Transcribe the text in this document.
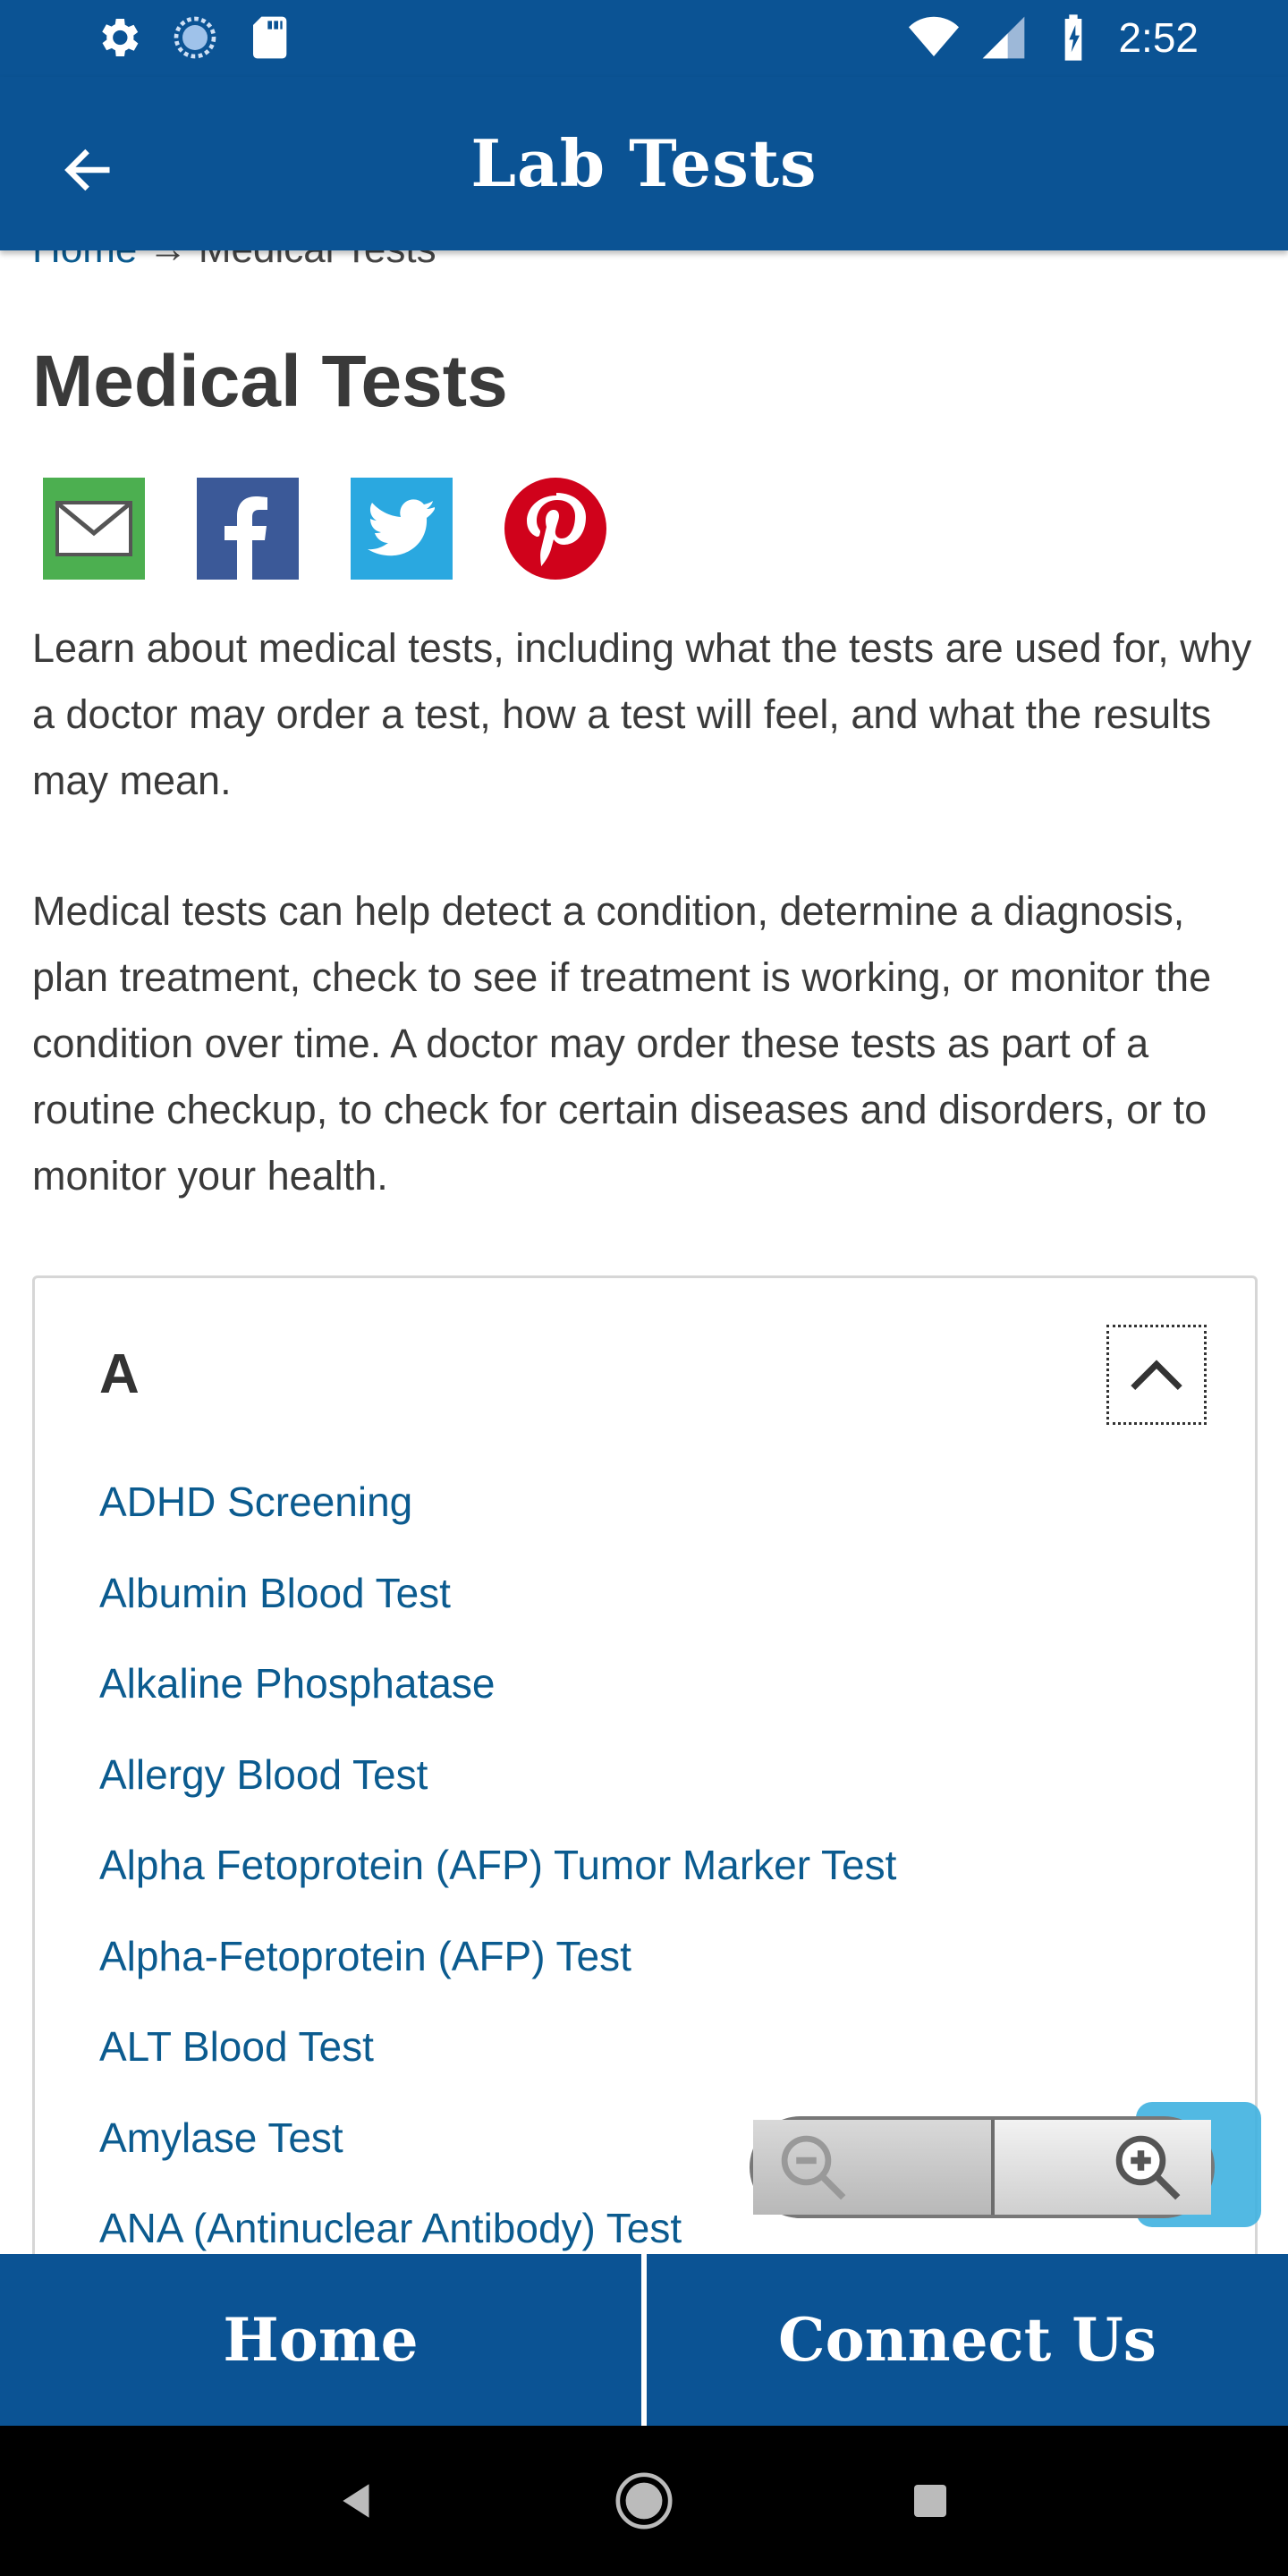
2:52
Lab Tests
Medical Tests

Learn about medical tests, including what the tests are used for, why a doctor may order a test, how a test will feel, and what the results may mean.

Medical tests can help detect a condition, determine a diagnosis, plan treatment, check to see if treatment is working, or monitor the condition over time. A doctor may order these tests as part of a routine checkup, to check for certain diseases and disorders, or to monitor your health.

A
ADHD Screening
Albumin Blood Test
Alkaline Phosphatase
Allergy Blood Test
Alpha Fetoprotein (AFP) Tumor Marker Test
Alpha-Fetoprotein (AFP) Test
ALT Blood Test
Amylase Test
ANA (Antinuclear Antibody) Test
Home	Connect Us
